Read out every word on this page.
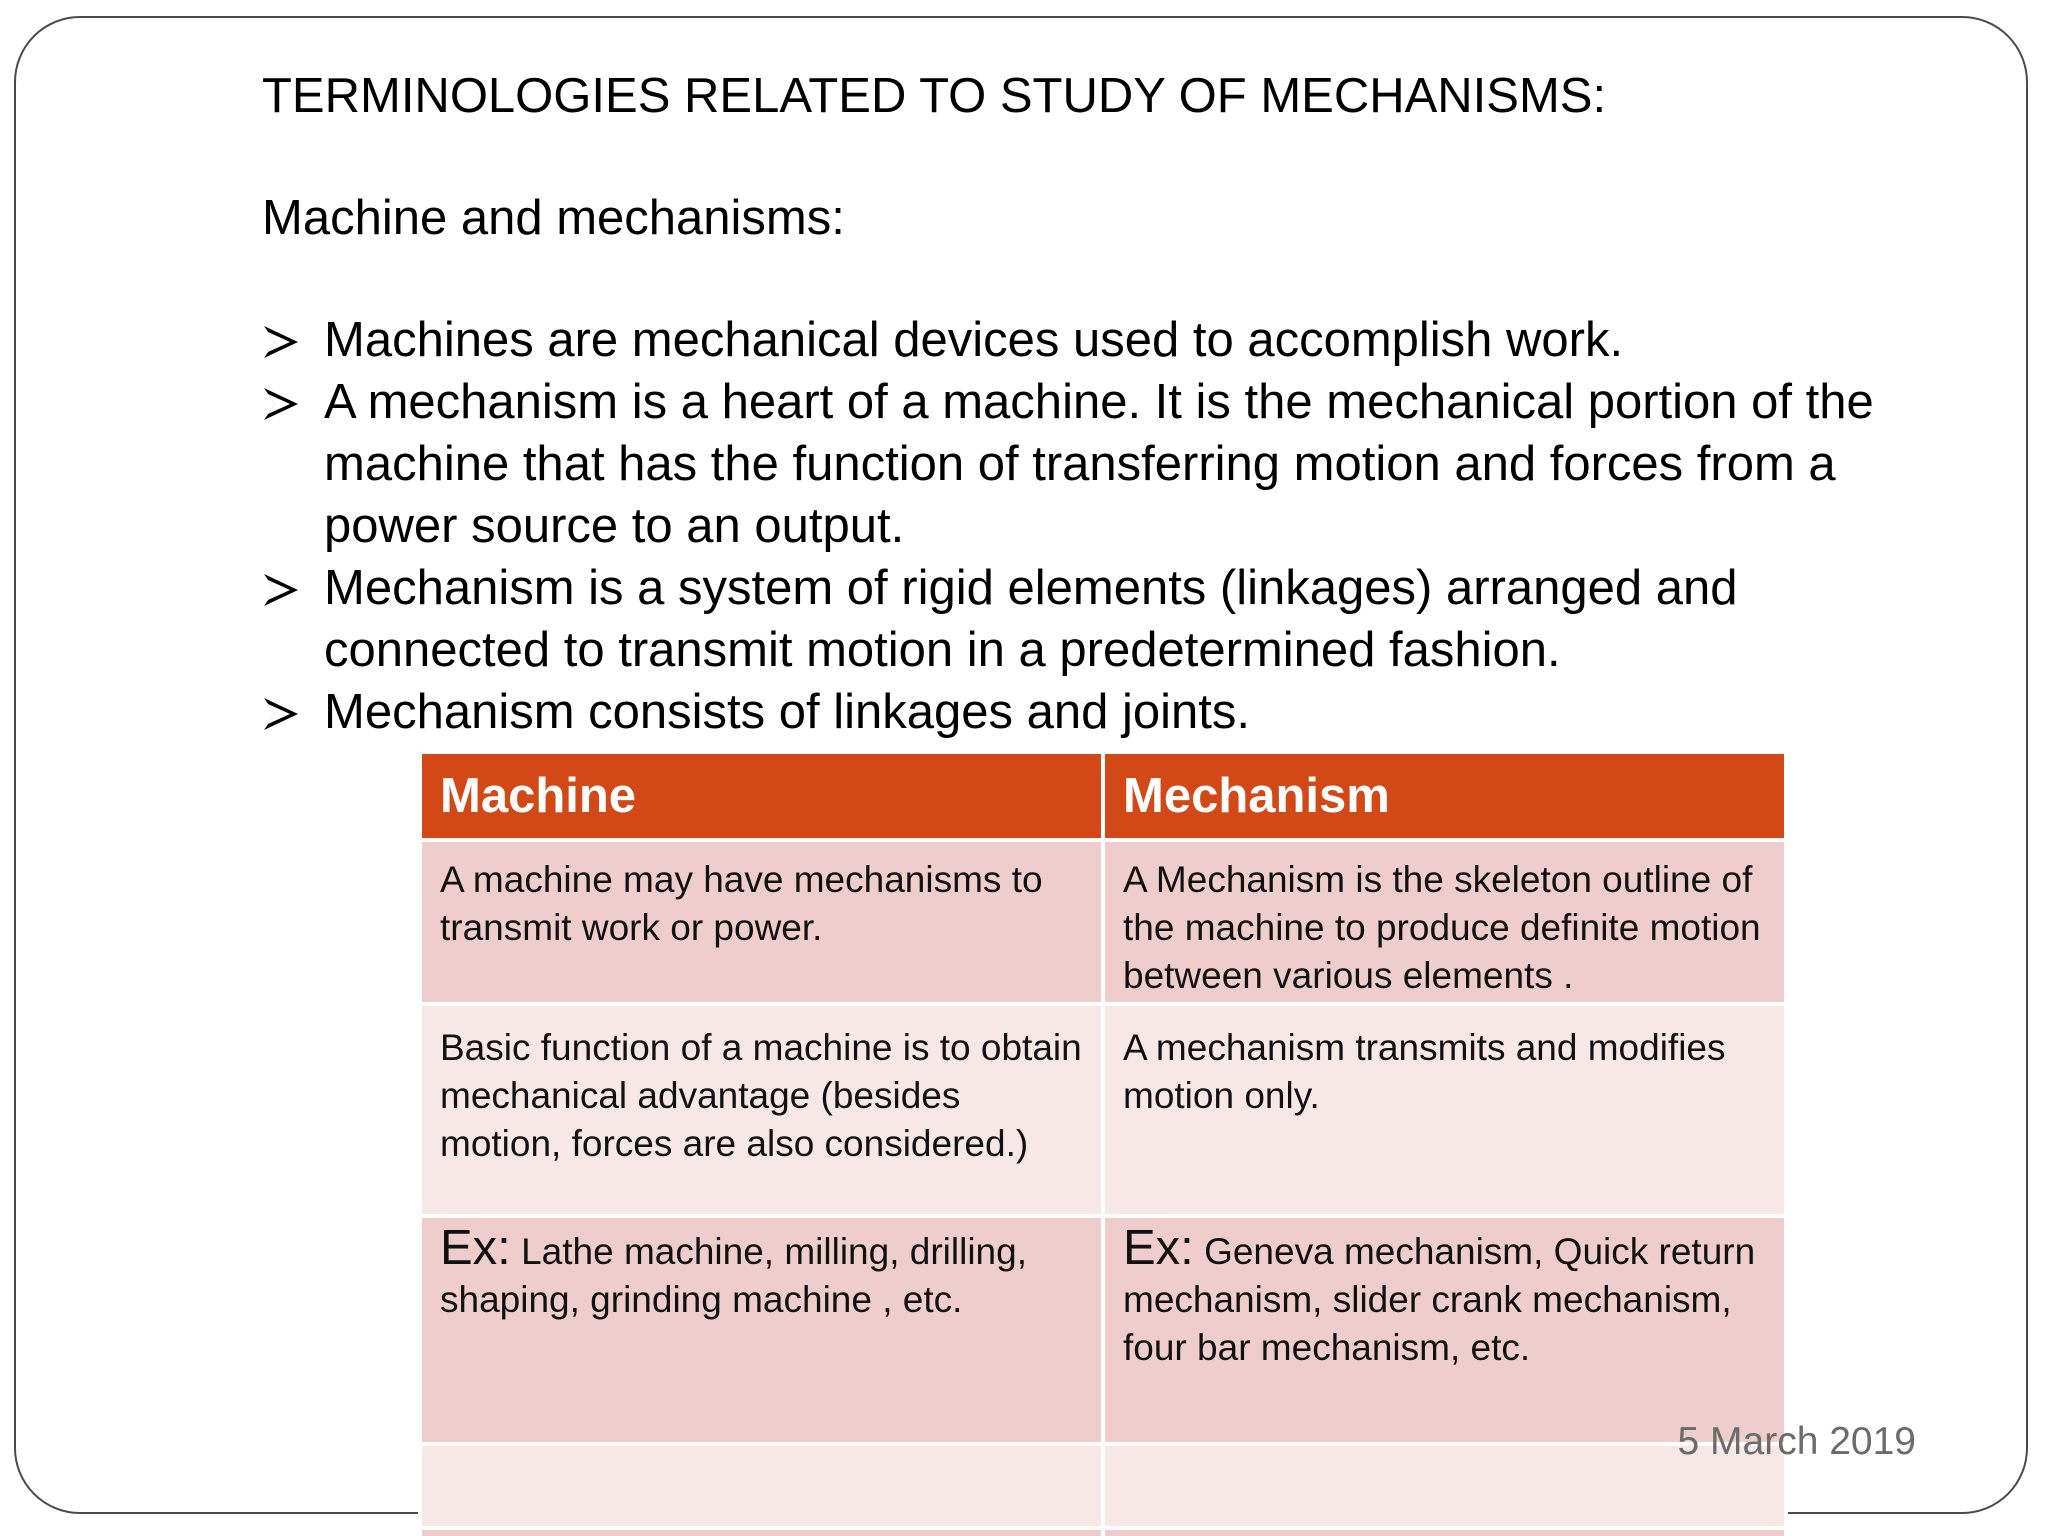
TERMINOLOGIES RELATED TO STUDY OF MECHANISMS:
Machine and mechanisms:
Machines are mechanical devices used to accomplish work.
A mechanism is a heart of a machine. It is the mechanical portion of the machine that has the function of transferring motion and forces from a power source to an output.
Mechanism is a system of rigid elements (linkages) arranged and connected to transmit motion in a predetermined fashion.
Mechanism consists of linkages and joints.
Machine	Mechanism
A machine may have mechanisms to transmit work or power.	A Mechanism is the skeleton outline of the machine to produce definite motion between various elements .
Basic function of a machine is to obtain mechanical advantage (besides motion, forces are also considered.)	A mechanism transmits and modifies motion only.
Ex: Lathe machine, milling, drilling, shaping, grinding machine , etc.	Ex: Geneva mechanism, Quick return mechanism, slider crank mechanism, four bar mechanism, etc.

5 March 2019
